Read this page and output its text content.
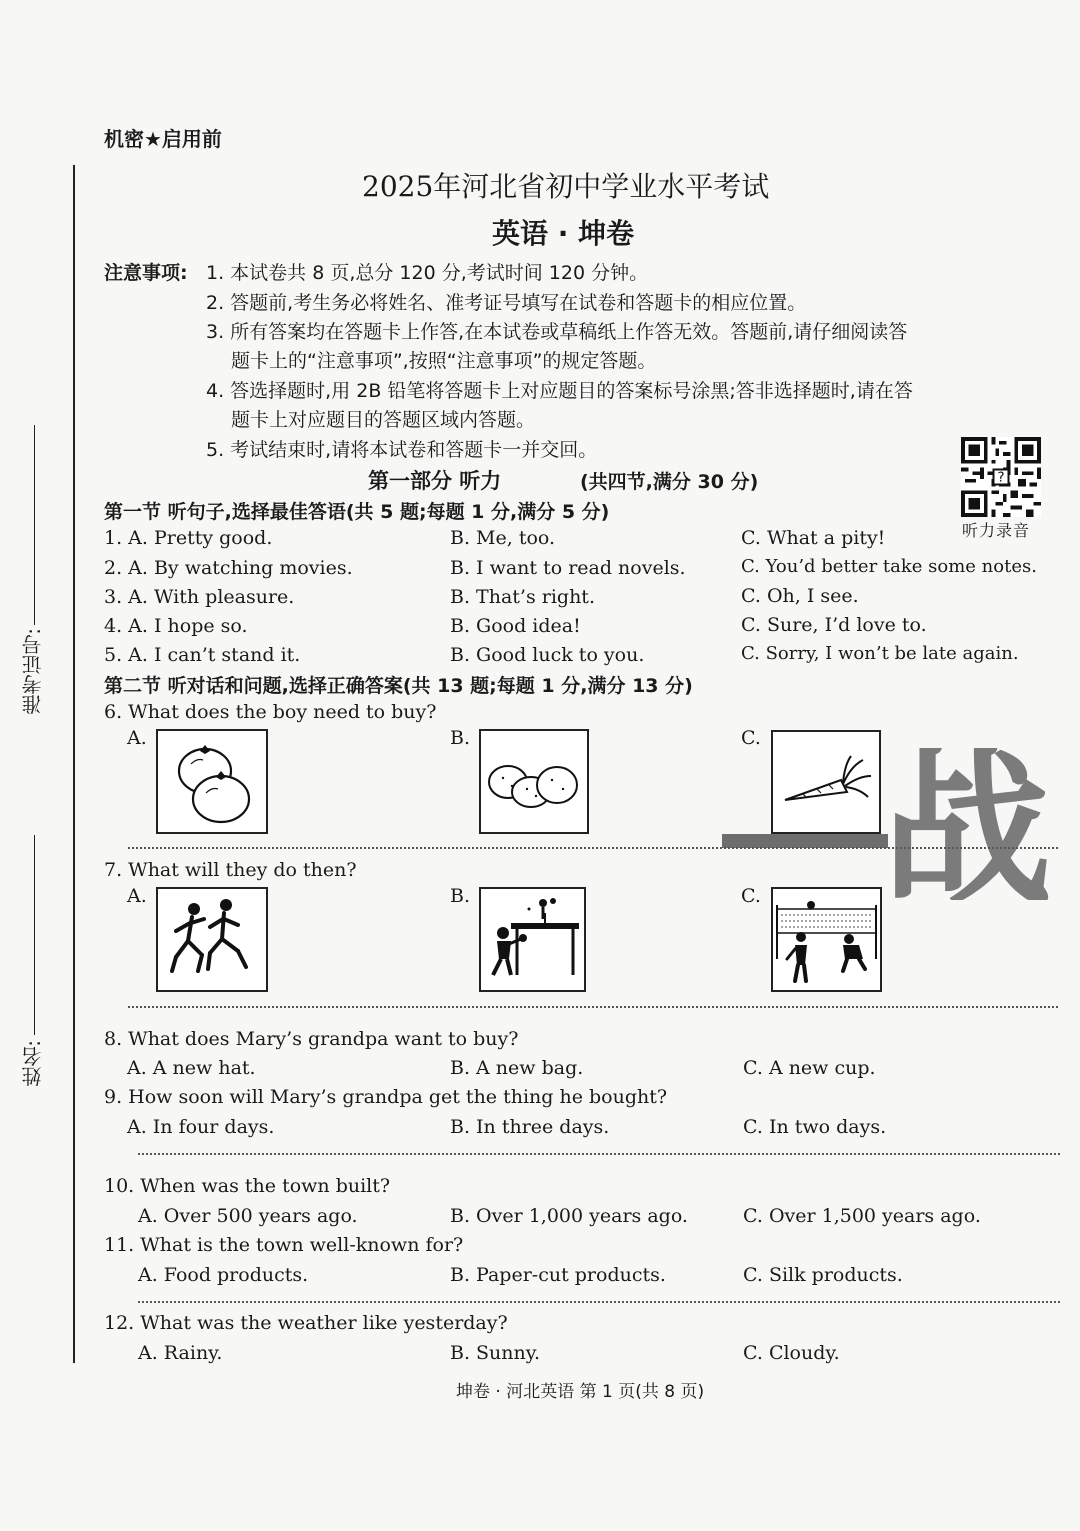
机密★启用前
2025年河北省初中学业水平考试
英语 · 坤卷
准考证号:
姓名:
注意事项: 1. 本试卷共 8 页,总分 120 分,考试时间 120 分钟。
2. 答题前,考生务必将姓名、准考证号填写在试卷和答题卡的相应位置。
3. 所有答案均在答题卡上作答,在本试卷或草稿纸上作答无效。答题前,请仔细阅读答
题卡上的“注意事项”,按照“注意事项”的规定答题。
4. 答选择题时,用 2B 铅笔将答题卡上对应题目的答案标号涂黑;答非选择题时,请在答
题卡上对应题目的答题区域内答题。
5. 考试结束时,请将本试卷和答题卡一并交回。
?
听力录音
第一部分 听力	(共四节,满分 30 分)
第一节 听句子,选择最佳答语(共 5 题;每题 1 分,满分 5 分)
1. A. Pretty good.	B. Me, too.	C. What a pity!
2. A. By watching movies.	B. I want to read novels.	C. You’d better take some notes.
3. A. With pleasure.	B. That’s right.	C. Oh, I see.
4. A. I hope so.	B. Good idea!	C. Sure, I’d love to.
5. A. I can’t stand it.	B. Good luck to you.	C. Sorry, I won’t be late again.
第二节 听对话和问题,选择正确答案(共 13 题;每题 1 分,满分 13 分)
6. What does the boy need to buy?
A.	B.	C. 战
7. What will they do then?
A.	B.	C.
8. What does Mary’s grandpa want to buy?
A. A new hat.	B. A new bag.	C. A new cup.
9. How soon will Mary’s grandpa get the thing he bought?
A. In four days.	B. In three days.	C. In two days.
10. When was the town built?
A. Over 500 years ago.	B. Over 1,000 years ago.	C. Over 1,500 years ago.
11. What is the town well-known for?
A. Food products.	B. Paper-cut products.	C. Silk products.
12. What was the weather like yesterday?
A. Rainy.	B. Sunny.	C. Cloudy.
坤卷 · 河北英语 第 1 页(共 8 页)
